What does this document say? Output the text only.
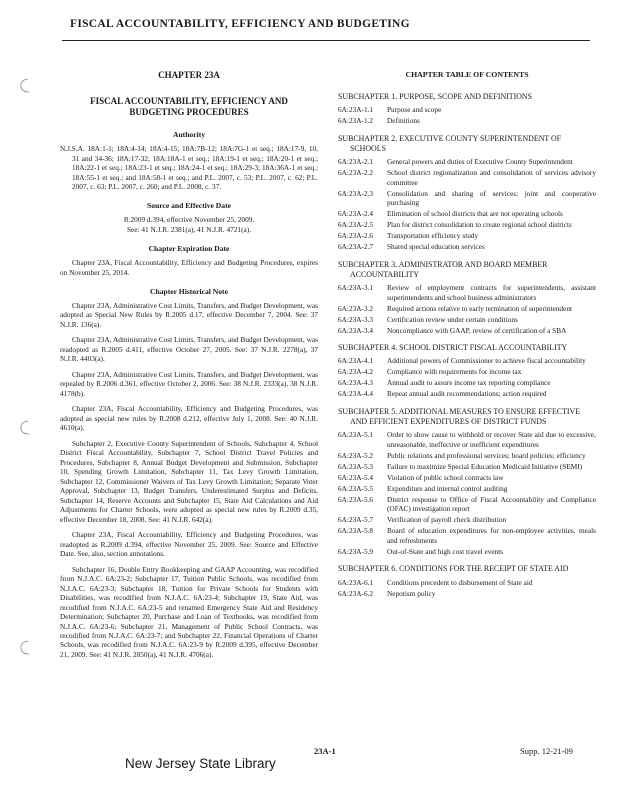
FISCAL ACCOUNTABILITY, EFFICIENCY AND BUDGETING
CHAPTER 23A
FISCAL ACCOUNTABILITY, EFFICIENCY AND BUDGETING PROCEDURES
Authority

N.J.S.A. 18A:1-1; 18A:4-14; 18A:4-15; 18A:7B-12; 18A:7G-1 et seq.; 18A:17-9, 10, 31 and 34-36; 18A:17-32; 18A:18A-1 et seq.; 18A:19-1 et seq.; 18A:20-1 et seq.; 18A:22-1 et seq.; 18A:23-1 et seq.; 18A:24-1 et seq.; 18A:29-3; 18A:36A-1 et seq.; 18A:55-1 et seq.; and 18A:58-1 et seq.; and P.L. 2007, c. 53; P.L. 2007, c. 62; P.L. 2007, c. 63; P.L. 2007, c. 260; and P.L. 2008, c. 37.

Source and Effective Date

R.2009 d.394, effective November 25, 2009.

See: 41 N.J.R. 2381(a), 41 N.J.R. 4721(a).

Chapter Expiration Date

Chapter 23A, Fiscal Accountability, Efficiency and Budgeting Procedures, expires on November 25, 2014.

Chapter Historical Note

Chapter 23A, Administrative Cost Limits, Transfers, and Budget Development, was adopted as Special New Rules by R.2005 d.17, effective December 7, 2004. See: 37 N.J.R. 136(a).

Chapter 23A, Administrative Cost Limits, Transfers, and Budget Development, was readopted as R.2005 d.411, effective October 27, 2005. See: 37 N.J.R. 2278(a), 37 N.J.R. 4403(a).

Chapter 23A, Administrative Cost Limits, Transfers, and Budget Development, was repealed by R.2006 d.361, effective October 2, 2006. See: 38 N.J.R. 2333(a), 38 N.J.R. 4178(b).

Chapter 23A, Fiscal Accountability, Efficiency and Budgeting Procedures, was adopted as special new rules by R.2008 d.212, effective July 1, 2008. See: 40 N.J.R. 4610(a).

Subchapter 2, Executive County Superintendent of Schools, Subchapter 4, School District Fiscal Accountability, Subchapter 7, School District Travel Policies and Procedures, Subchapter 8, Annual Budget Development and Submission, Subchapter 10, Spending Growth Limitation, Subchapter 11, Tax Levy Growth Limitation, Subchapter 12, Commissioner Waivers of Tax Levy Growth Limitation; Separate Voter Approval, Subchapter 13, Budget Transfers, Underestimated Surplus and Deficits, Subchapter 14, Reserve Accounts and Subchapter 15, State Aid Calculations and Aid Adjustments for Charter Schools, were adopted as special new rules by R.2009 d.35, effective December 18, 2008. See: 41 N.J.R. 642(a).

Chapter 23A, Fiscal Accountability, Efficiency and Budgeting Procedures, was readopted as R.2009 d.394, effective November 25, 2009. See: Source and Effective Date. See, also, section annotations.

Subchapter 16, Double Entry Bookkeeping and GAAP Accounting, was recodified from N.J.A.C. 6A:23-2; Subchapter 17, Tuition Public Schools, was recodified from N.J.A.C. 6A:23-3; Subchapter 18, Tuition for Private Schools for Students with Disabilities, was recodified from N.J.A.C. 6A:23-4; Subchapter 19, State Aid, was recodified from N.J.A.C. 6A:23-5 and renamed Emergency State Aid and Residency Determination; Subchapter 20, Purchase and Loan of Textbooks, was recodified from N.J.A.C. 6A:23-6; Subchapter 21, Management of Public School Contracts, was recodified from N.J.A.C. 6A:23-7; and Subchapter 22, Financial Operations of Charter Schools, was recodified from N.J.A.C. 6A:23-9 by R.2009 d.395, effective December 21, 2009. See: 41 N.J.R. 2850(a), 41 N.J.R. 4706(a).

CHAPTER TABLE OF CONTENTS
SUBCHAPTER 1. PURPOSE, SCOPE AND DEFINITIONS
6A:23A-1.1	Purpose and scope
6A:23A-1.2	Definitions
SUBCHAPTER 2. EXECUTIVE COUNTY SUPERINTENDENT OF SCHOOLS
6A:23A-2.1	General powers and duties of Executive County Superintendent
6A:23A-2.2	School district regionalization and consolidation of services advisory committee
6A:23A-2.3	Consolidation and sharing of services; joint and cooperative purchasing
6A:23A-2.4	Elimination of school districts that are not operating schools
6A:23A-2.5	Plan for district consolidation to create regional school districts
6A:23A-2.6	Transportation efficiency study
6A:23A-2.7	Shared special education services
SUBCHAPTER 3. ADMINISTRATOR AND BOARD MEMBER ACCOUNTABILITY
6A:23A-3.1	Review of employment contracts for superintendents, assistant superintendents and school business administrators
6A:23A-3.2	Required actions relative to early termination of superintendent
6A:23A-3.3	Certification review under certain conditions
6A:23A-3.4	Noncompliance with GAAP, review of certification of a SBA
SUBCHAPTER 4. SCHOOL DISTRICT FISCAL ACCOUNTABILITY
6A:23A-4.1	Additional powers of Commissioner to achieve fiscal accountability
6A:23A-4.2	Compliance with requirements for income tax
6A:23A-4.3	Annual audit to assure income tax reporting compliance
6A:23A-4.4	Repeat annual audit recommendations; action required
SUBCHAPTER 5. ADDITIONAL MEASURES TO ENSURE EFFECTIVE AND EFFICIENT EXPENDITURES OF DISTRICT FUNDS
6A:23A-5.1	Order to show cause to withhold or recover State aid due to excessive, unreasonable, ineffective or inefficient expenditures
6A:23A-5.2	Public relations and professional services; board policies; efficiency
6A:23A-5.3	Failure to maximize Special Education Medicaid Initiative (SEMI)
6A:23A-5.4	Violation of public school contracts law
6A:23A-5.5	Expenditure and internal control auditing
6A:23A-5.6	District response to Office of Fiscal Accountability and Compliance (OFAC) investigation report
6A:23A-5.7	Verification of payroll check distribution
6A:23A-5.8	Board of education expenditures for non-employee activities, meals and refreshments
6A:23A-5.9	Out-of-State and high cost travel events
SUBCHAPTER 6. CONDITIONS FOR THE RECEIPT OF STATE AID
6A:23A-6.1	Conditions precedent to disbursement of State aid
6A:23A-6.2	Nepotism policy
23A-1	Supp. 12-21-09
New Jersey State Library
